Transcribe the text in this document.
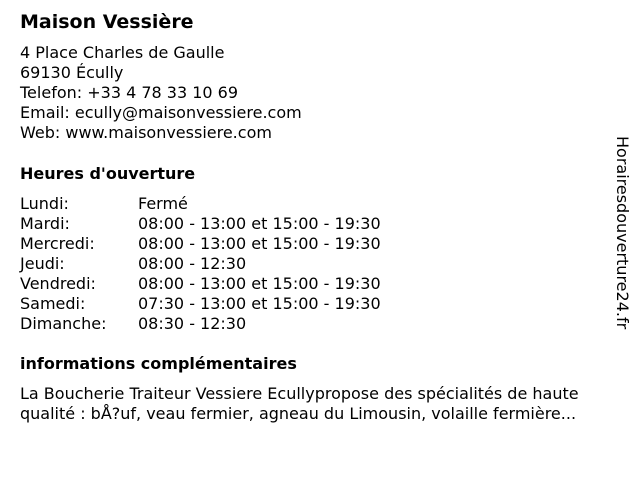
Maison Vessière
4 Place Charles de Gaulle
69130 Écully
Telefon: +33 4 78 33 10 69
Email: ecully@maisonvessiere.com
Web: www.maisonvessiere.com
Heures d'ouverture
Lundi:	Fermé
Mardi:	08:00 - 13:00 et 15:00 - 19:30
Mercredi:	08:00 - 13:00 et 15:00 - 19:30
Jeudi:	08:00 - 12:30
Vendredi:	08:00 - 13:00 et 15:00 - 19:30
Samedi:	07:30 - 13:00 et 15:00 - 19:30
Dimanche: 08:30 - 12:30
informations complémentaires
La Boucherie Traiteur Vessiere Ecullypropose des spécialités de haute
qualité : bÅ?uf, veau fermier, agneau du Limousin, volaille fermière...
Horairesdouverture24.fr
